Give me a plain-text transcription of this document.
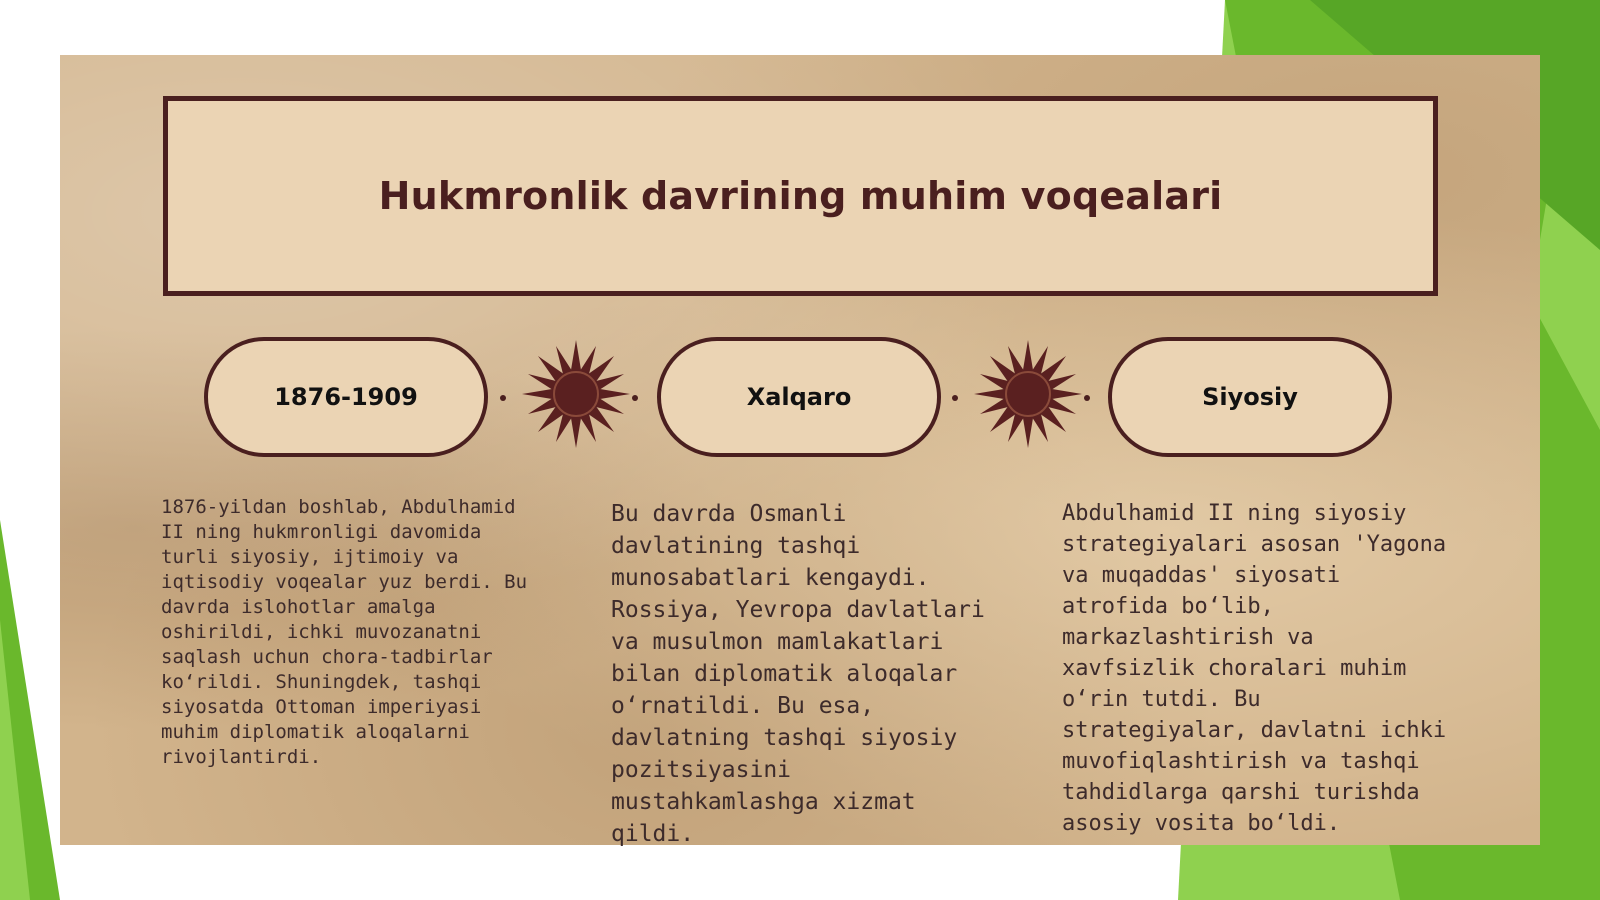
Hukmronlik davrining muhim voqealari
1876-1909	Xalqaro	Siyosiy
1876-yildan boshlab, Abdulhamid II ning hukmronligi davomida turli siyosiy, ijtimoiy va iqtisodiy voqealar yuz berdi. Bu davrda islohotlar amalga oshirildi, ichki muvozanatni saqlash uchun chora-tadbirlar ko‘rildi. Shuningdek, tashqi siyosatda Ottoman imperiyasi muhim diplomatik aloqalarni rivojlantirdi.
Bu davrda Osmanli davlatining tashqi munosabatlari kengaydi. Rossiya, Yevropa davlatlari va musulmon mamlakatlari bilan diplomatik aloqalar o‘rnatildi. Bu esa, davlatning tashqi siyosiy pozitsiyasini mustahkamlashga xizmat qildi.
Abdulhamid II ning siyosiy strategiyalari asosan 'Yagona va muqaddas' siyosati atrofida bo‘lib, markazlashtirish va xavfsizlik choralari muhim o‘rin tutdi. Bu strategiyalar, davlatni ichki muvofiqlashtirish va tashqi tahdidlarga qarshi turishda asosiy vosita bo‘ldi.
